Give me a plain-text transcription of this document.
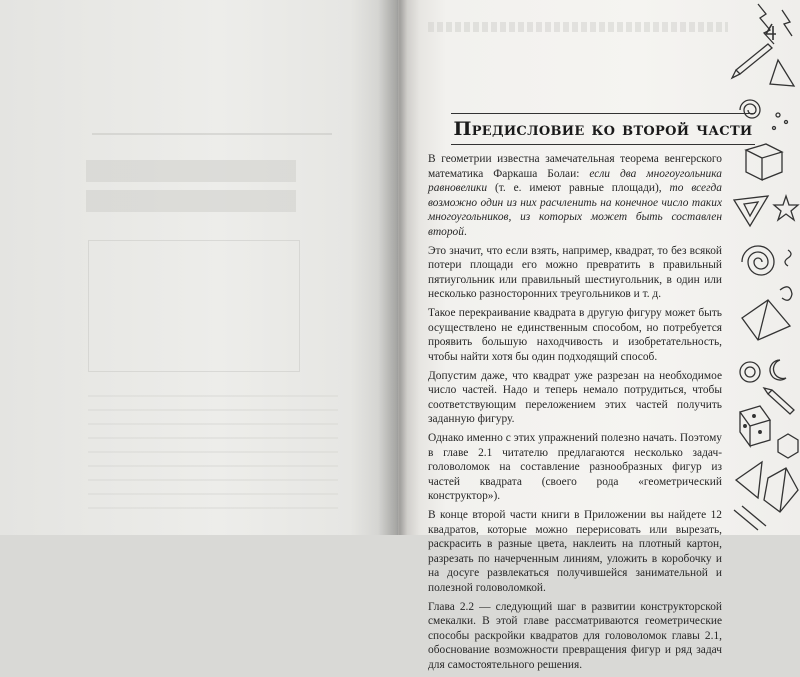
Предисловие ко второй части

В геометрии известна замечательная теорема венгерского математика Фаркаша Болаи: если два многоугольника равновелики (т. е. имеют равные площади), то всегда возможно один из них расчленить на конечное число таких многоугольников, из которых может быть составлен второй.

Это значит, что если взять, например, квадрат, то без всякой потери площади его можно превратить в правильный пятиугольник или правильный шестиугольник, в один или несколько разносторонних треугольников и т. д.

Такое перекраивание квадрата в другую фигуру может быть осуществлено не единственным способом, но потребуется проявить большую находчивость и изобретательность, чтобы найти хотя бы один подходящий способ.

Допустим даже, что квадрат уже разрезан на необходимое число частей. Надо и теперь немало потрудиться, чтобы соответствующим переложением этих частей получить заданную фигуру.

Однако именно с этих упражнений полезно начать. Поэтому в главе 2.1 читателю предлагаются несколько задач-головоломок на составление разнообразных фигур из частей квадрата (своего рода «геометрический конструктор»).

В конце второй части книги в Приложении вы найдете 12 квадратов, которые можно перерисовать или вырезать, раскрасить в разные цвета, наклеить на плотный картон, разрезать по начерченным линиям, уложить в коробочку и на досуге развлекаться получившейся занимательной и полезной головоломкой.

Глава 2.2 — следующий шаг в развитии конструкторской смекалки. В этой главе рассматриваются геометрические способы раскройки квадратов для головоломок главы 2.1, обоснование возможности превращения фигур и ряд задач для самостоятельного решения.
